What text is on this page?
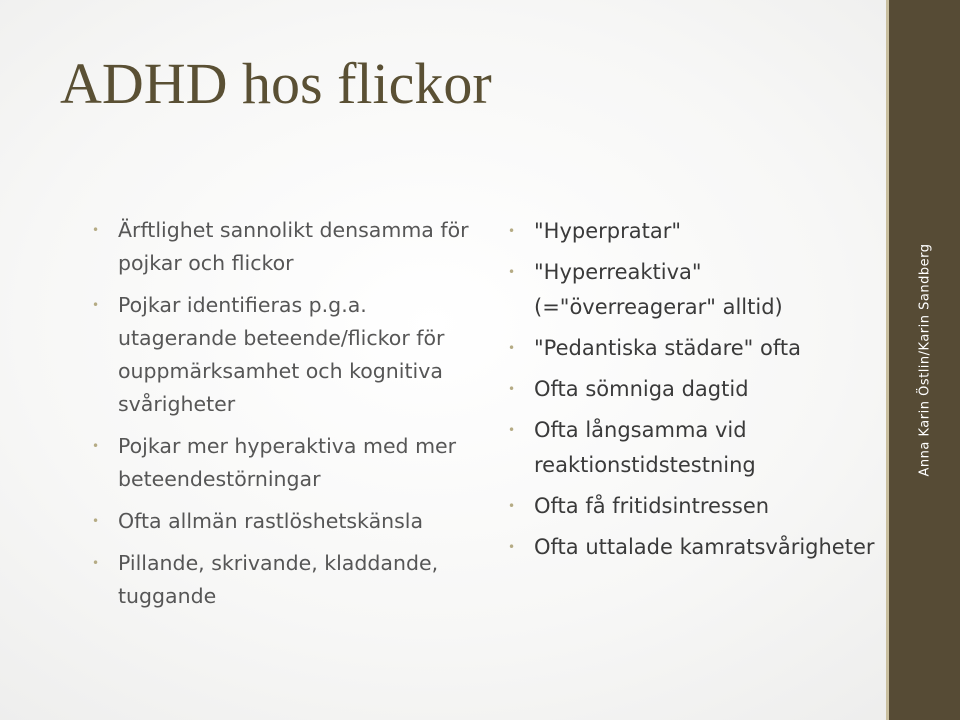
ADHD hos flickor
• Ärftlighet sannolikt densamma för pojkar och flickor
• Pojkar identifieras p.g.a. utagerande beteende/flickor för ouppmärksamhet och kognitiva svårigheter
• Pojkar mer hyperaktiva med mer beteendestörningar
• Ofta allmän rastlöshetskänsla
• Pillande, skrivande, kladdande, tuggande
• "Hyperpratar"
• "Hyperreaktiva" (="överreagerar" alltid)
• "Pedantiska städare" ofta
• Ofta sömniga dagtid
• Ofta långsamma vid reaktionstidstestning
• Ofta få fritidsintressen
• Ofta uttalade kamratsvårigheter
Anna Karin Östlin/Karin Sandberg
